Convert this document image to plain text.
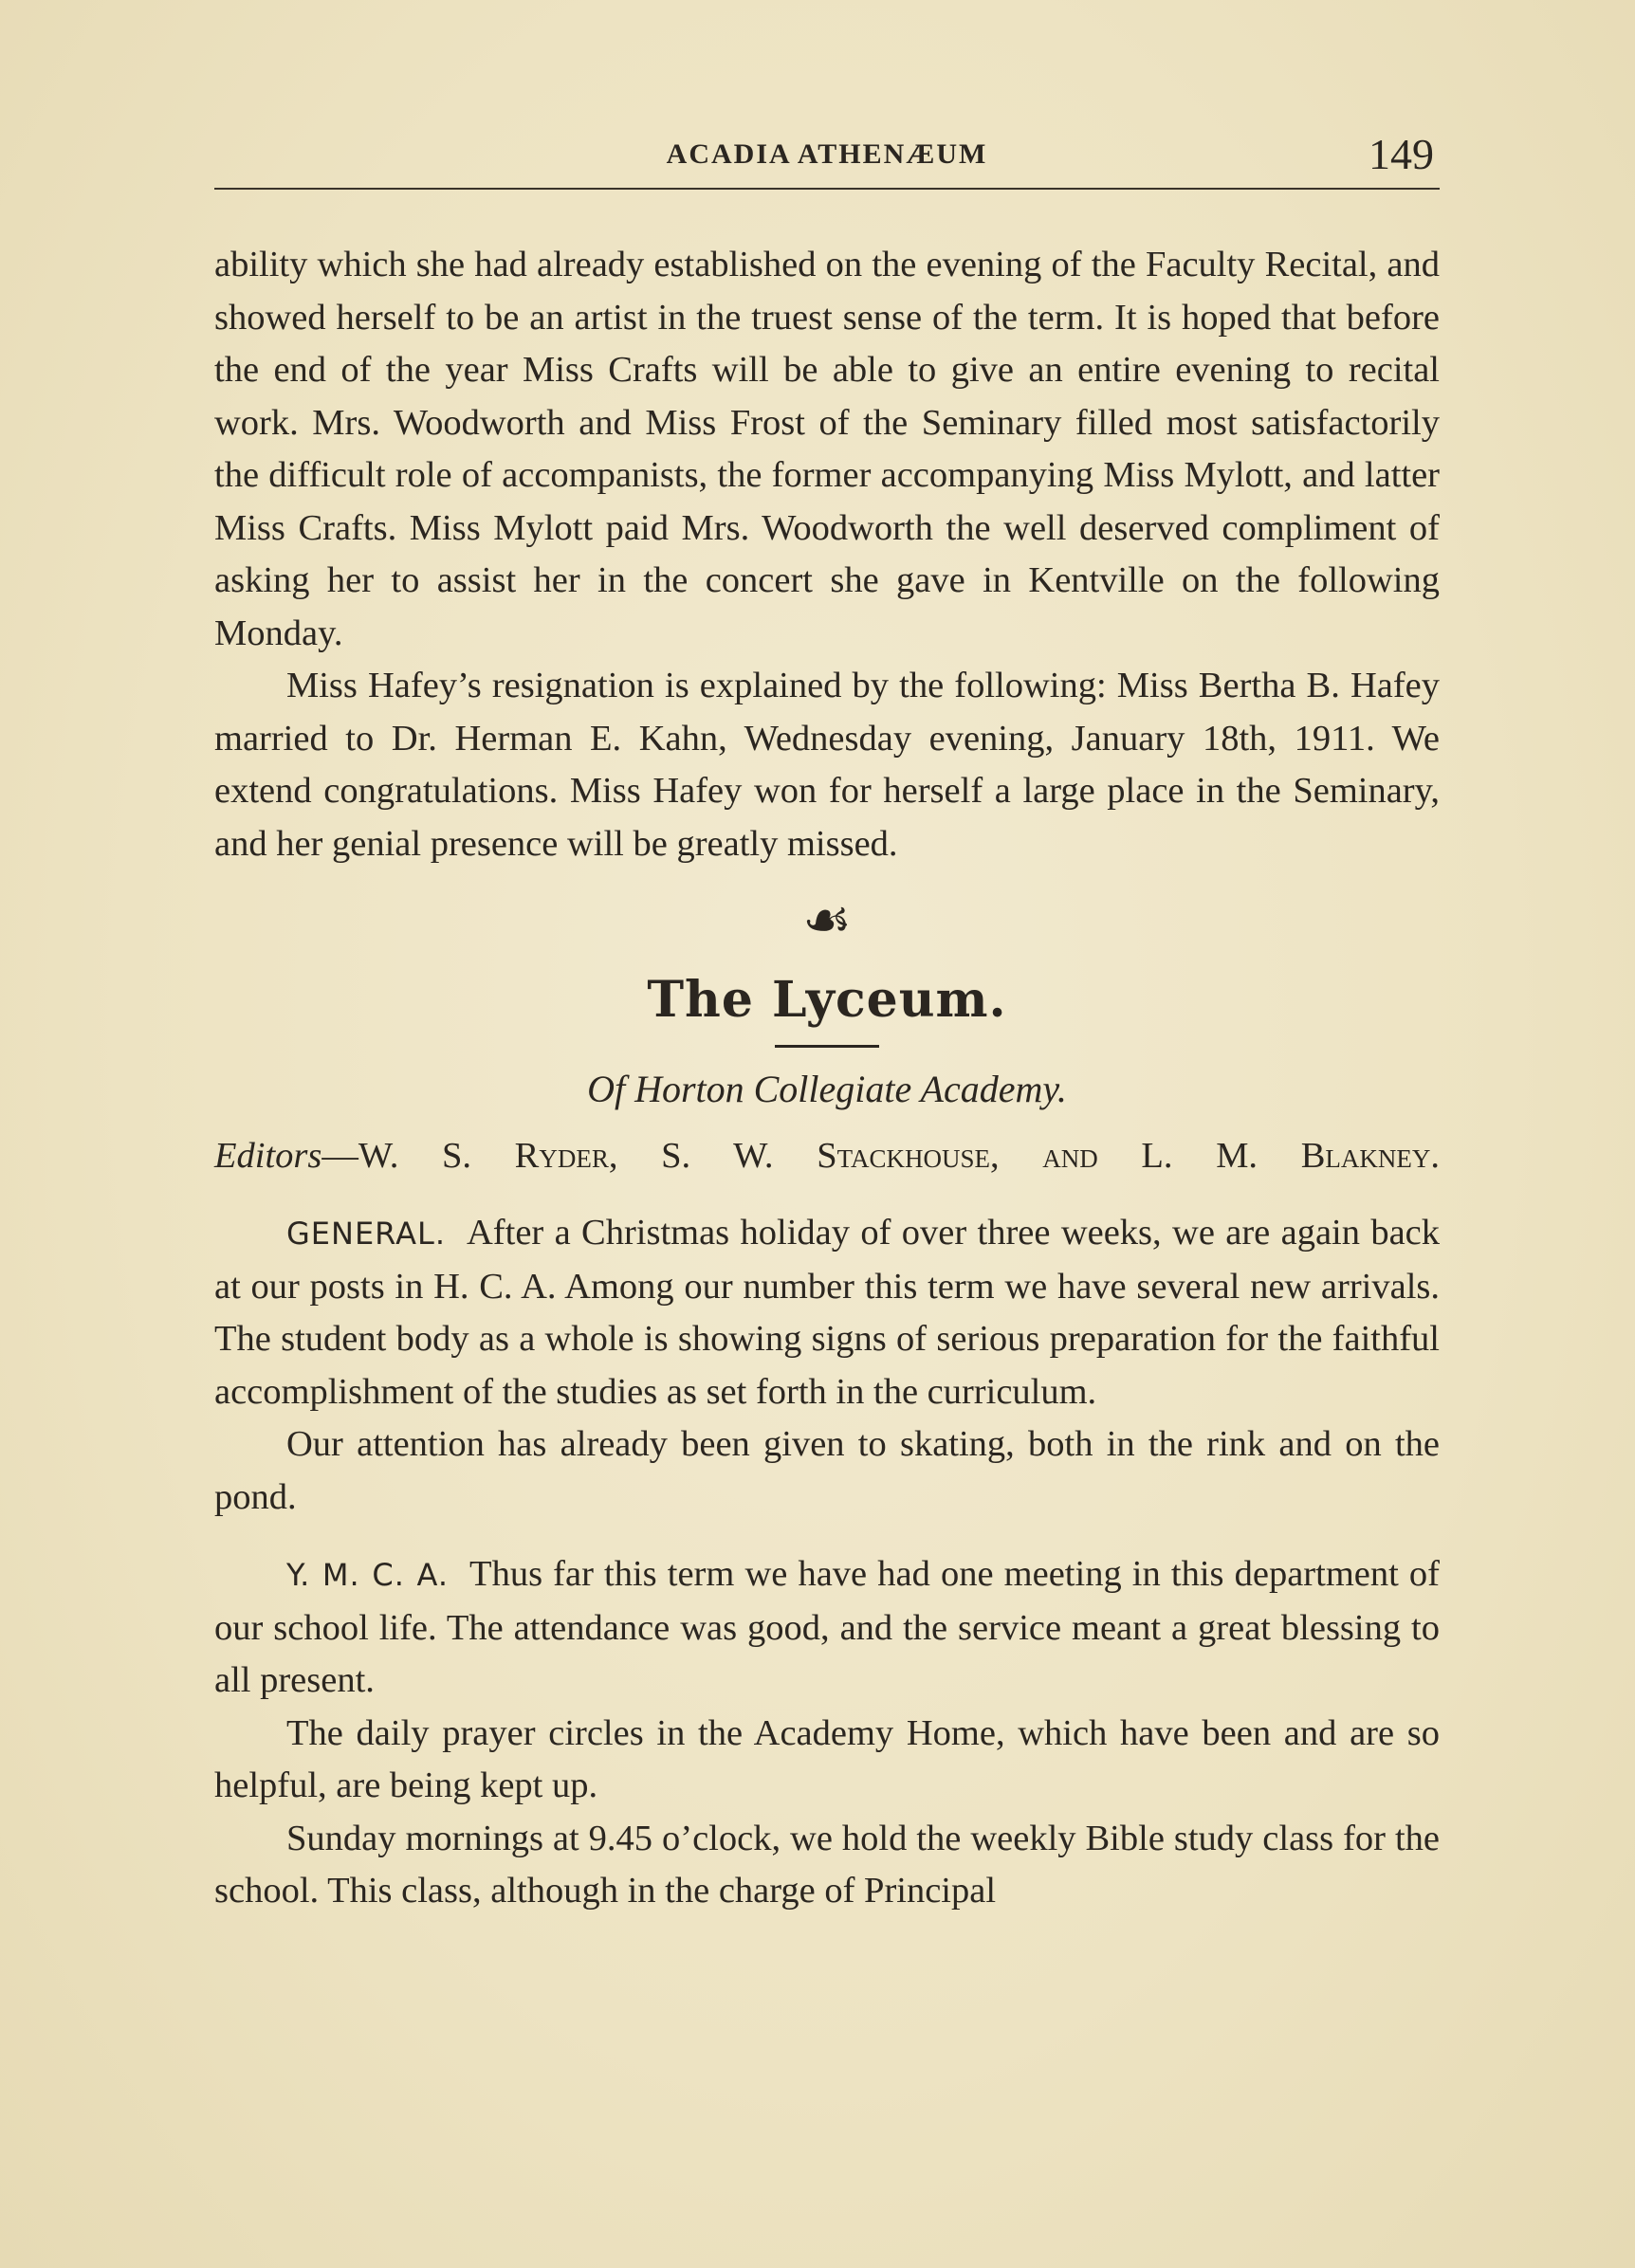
ACADIA ATHENÆUM	149

ability which she had already established on the evening of the Faculty Recital, and showed herself to be an artist in the truest sense of the term. It is hoped that before the end of the year Miss Crafts will be able to give an entire evening to recital work. Mrs. Woodworth and Miss Frost of the Seminary filled most satisfactorily the difficult role of accompanists, the former accompanying Miss Mylott, and latter Miss Crafts. Miss Mylott paid Mrs. Woodworth the well deserved compliment of asking her to assist her in the concert she gave in Kentville on the following Monday.

Miss Hafey’s resignation is explained by the following: Miss Bertha B. Hafey married to Dr. Herman E. Kahn, Wednesday evening, January 18th, 1911. We extend congratulations. Miss Hafey won for herself a large place in the Seminary, and her genial presence will be greatly missed.

☙
The Lyceum.
Of Horton Collegiate Academy.
Editors—W. S. Ryder, S. W. Stackhouse, and L. M. Blakney.

GENERAL. After a Christmas holiday of over three weeks, we are again back at our posts in H. C. A. Among our number this term we have several new arrivals. The student body as a whole is showing signs of serious preparation for the faithful accomplishment of the studies as set forth in the curriculum.

Our attention has already been given to skating, both in the rink and on the pond.

Y. M. C. A. Thus far this term we have had one meeting in this department of our school life. The attendance was good, and the service meant a great blessing to all present.

The daily prayer circles in the Academy Home, which have been and are so helpful, are being kept up.

Sunday mornings at 9.45 o’clock, we hold the weekly Bible study class for the school. This class, although in the charge of Principal
